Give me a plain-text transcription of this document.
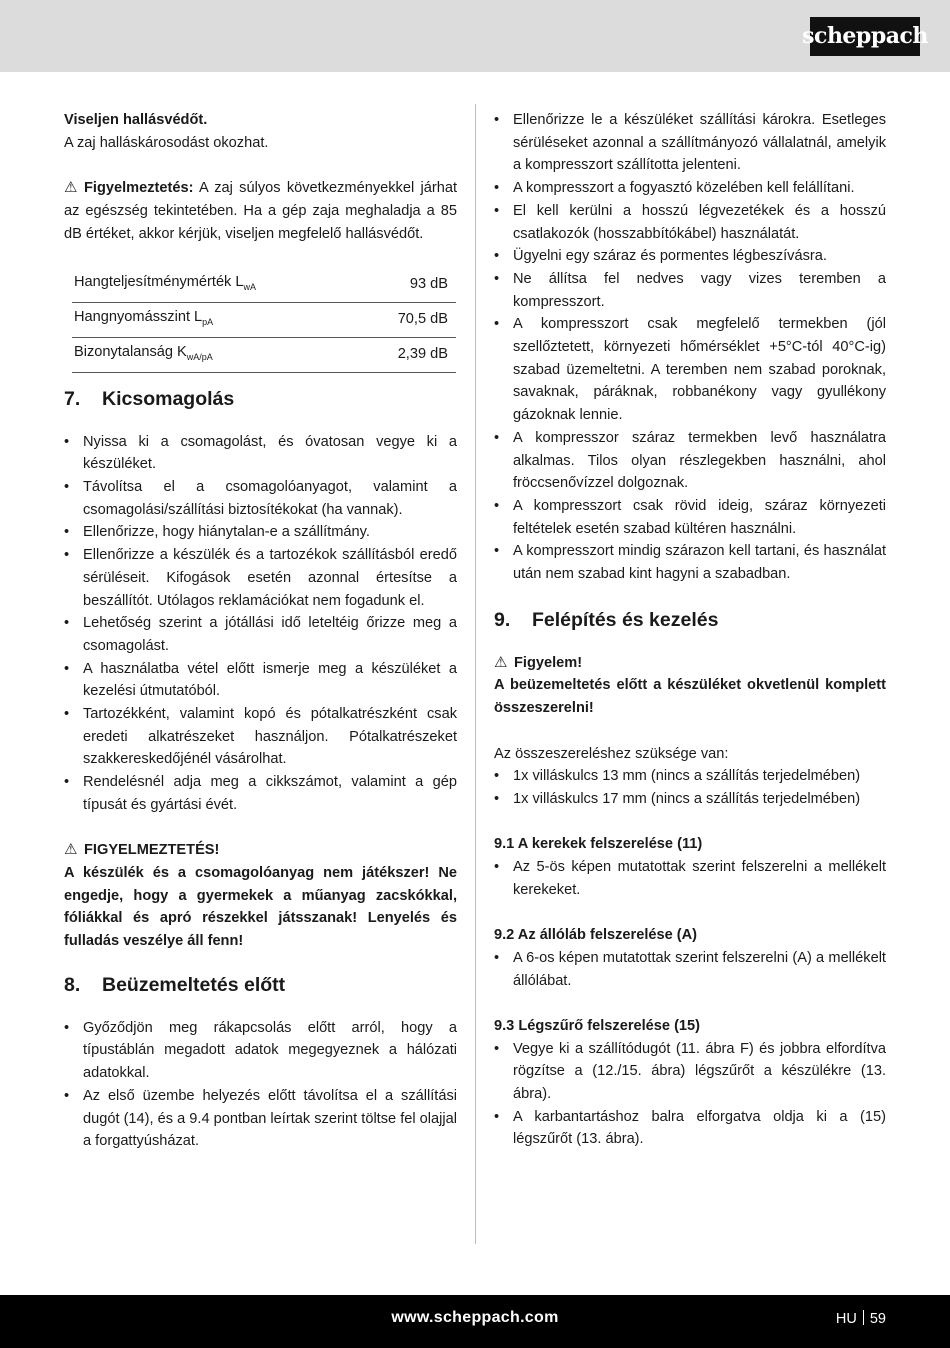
scheppach

Viseljen hallásvédőt.

A zaj halláskárosodást okozhat.

⚠ Figyelmeztetés: A zaj súlyos következményekkel járhat az egészség tekintetében. Ha a gép zaja meghaladja a 85 dB értéket, akkor kérjük, viseljen megfelelő hallásvédőt.

Hangteljesítménymérték $L_{wA}$	93 dB
Hangnyomásszint $L_{pA}$	70,5 dB
Bizonytalanság $K_{wA/pA}$	2,39 dB
7. Kicsomagolás
• Nyissa ki a csomagolást, és óvatosan vegye ki a készüléket.
• Távolítsa el a csomagolóanyagot, valamint a csomagolási/szállítási biztosítékokat (ha vannak).
• Ellenőrizze, hogy hiánytalan-e a szállítmány.
• Ellenőrizze a készülék és a tartozékok szállításból eredő sérüléseit. Kifogások esetén azonnal értesítse a beszállítót. Utólagos reklamációkat nem fogadunk el.
• Lehetőség szerint a jótállási idő leteltéig őrizze meg a csomagolást.
• A használatba vétel előtt ismerje meg a készüléket a kezelési útmutatóból.
• Tartozékként, valamint kopó és pótalkatrészként csak eredeti alkatrészeket használjon. Pótalkatrészeket szakkereskedőjénél vásárolhat.
• Rendelésnél adja meg a cikkszámot, valamint a gép típusát és gyártási évét.

⚠ FIGYELMEZTETÉS!

A készülék és a csomagolóanyag nem játékszer! Ne engedje, hogy a gyermekek a műanyag zacskókkal, fóliákkal és apró részekkel játsszanak! Lenyelés és fulladás veszélye áll fenn!

8. Beüzemeltetés előtt
• Győződjön meg rákapcsolás előtt arról, hogy a típustáblán megadott adatok megegyeznek a hálózati adatokkal.
• Az első üzembe helyezés előtt távolítsa el a szállítási dugót (14), és a 9.4 pontban leírtak szerint töltse fel olajjal a forgattyúsházat.
• Ellenőrizze le a készüléket szállítási károkra. Esetleges sérüléseket azonnal a szállítmányozó vállalatnál, amelyik a kompresszort szállította jelenteni.
• A kompresszort a fogyasztó közelében kell felállítani.
• El kell kerülni a hosszú légvezetékek és a hosszú csatlakozók (hosszabbítókábel) használatát.
• Ügyelni egy száraz és pormentes légbeszívásra.
• Ne állítsa fel nedves vagy vizes teremben a kompresszort.
• A kompresszort csak megfelelő termekben (jól szellőztetett, környezeti hőmérséklet +5°C-tól 40°C-ig) szabad üzemeltetni. A teremben nem szabad poroknak, savaknak, páráknak, robbanékony vagy gyullékony gázoknak lennie.
• A kompresszor száraz termekben levő használatra alkalmas. Tilos olyan részlegekben használni, ahol fröccsenővízzel dolgoznak.
• A kompresszort csak rövid ideig, száraz környezeti feltételek esetén szabad kültéren használni.
• A kompresszort mindig szárazon kell tartani, és használat után nem szabad kint hagyni a szabadban.
9. Felépítés és kezelés

⚠ Figyelem!

A beüzemeltetés előtt a készüléket okvetlenül komplett összeszerelni!

Az összeszereléshez szüksége van:

• 1x villáskulcs 13 mm (nincs a szállítás terjedelmében)
• 1x villáskulcs 17 mm (nincs a szállítás terjedelmében)

9.1 A kerekek felszerelése (11)

• Az 5-ös képen mutatottak szerint felszerelni a mellékelt kerekeket.

9.2 Az állóláb felszerelése (A)

• A 6-os képen mutatottak szerint felszerelni (A) a mellékelt állólábat.

9.3 Légszűrő felszerelése (15)

• Vegye ki a szállítódugót (11. ábra F) és jobbra elfordítva rögzítse a (12./15. ábra) légszűrőt a készülékre (13. ábra).
• A karbantartáshoz balra elforgatva oldja ki a (15) légszűrőt (13. ábra).
www.scheppach.com	HU 59
